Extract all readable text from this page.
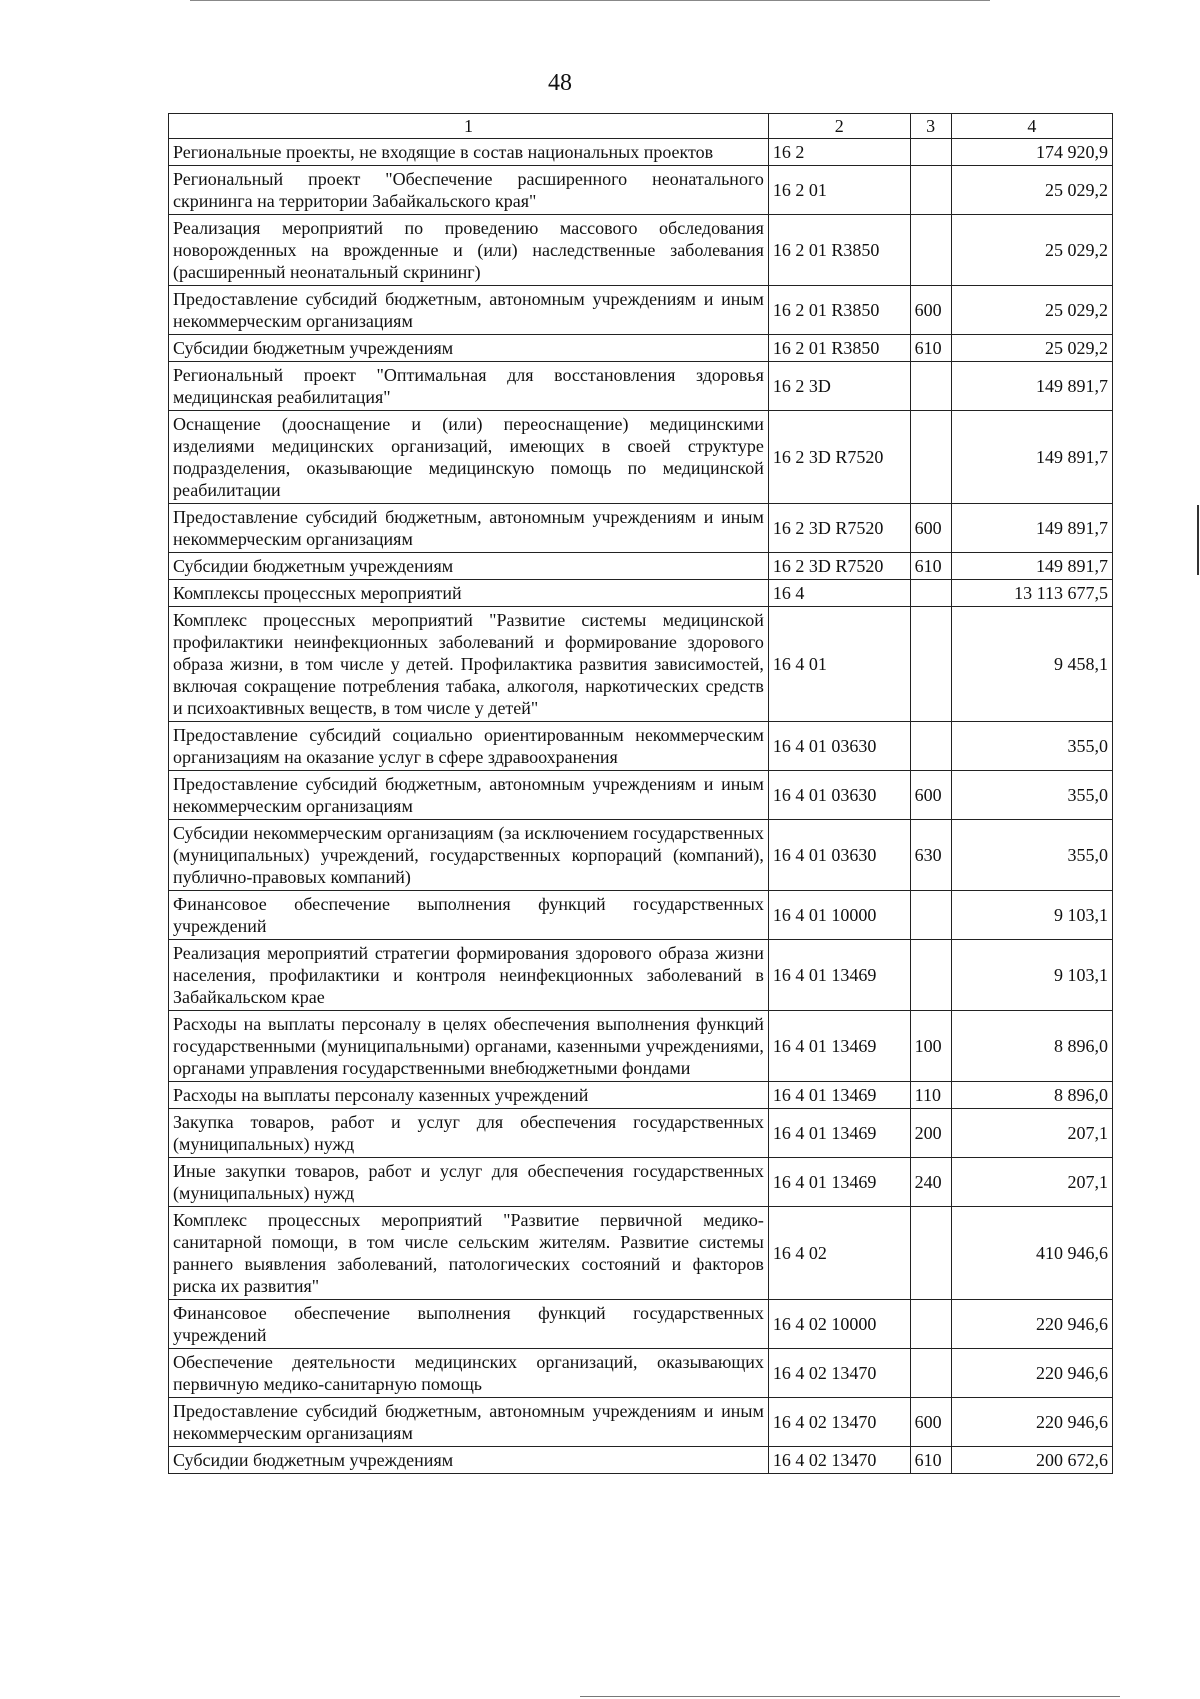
48
1	2	3	4
Региональные проекты, не входящие в состав национальных проектов	16 2		174 920,9
Региональный проект "Обеспечение расширенного неонатального скрининга на территории Забайкальского края"	16 2 01		25 029,2
Реализация мероприятий по проведению массового обследования новорожденных на врожденные и (или) наследственные заболевания (расширенный неонатальный скрининг)	16 2 01 R3850		25 029,2
Предоставление субсидий бюджетным, автономным учреждениям и иным некоммерческим организациям	16 2 01 R3850	600	25 029,2
Субсидии бюджетным учреждениям	16 2 01 R3850	610	25 029,2
Региональный проект "Оптимальная для восстановления здоровья медицинская реабилитация"	16 2 3D		149 891,7
Оснащение (дооснащение и (или) переоснащение) медицинскими изделиями медицинских организаций, имеющих в своей структуре подразделения, оказывающие медицинскую помощь по медицинской реабилитации	16 2 3D R7520		149 891,7
Предоставление субсидий бюджетным, автономным учреждениям и иным некоммерческим организациям	16 2 3D R7520	600	149 891,7
Субсидии бюджетным учреждениям	16 2 3D R7520	610	149 891,7
Комплексы процессных мероприятий	16 4		13 113 677,5
Комплекс процессных мероприятий "Развитие системы медицинской профилактики неинфекционных заболеваний и формирование здорового образа жизни, в том числе у детей. Профилактика развития зависимостей, включая сокращение потребления табака, алкоголя, наркотических средств и психоактивных веществ, в том числе у детей"	16 4 01		9 458,1
Предоставление субсидий социально ориентированным некоммерческим организациям на оказание услуг в сфере здравоохранения	16 4 01 03630		355,0
Предоставление субсидий бюджетным, автономным учреждениям и иным некоммерческим организациям	16 4 01 03630	600	355,0
Субсидии некоммерческим организациям (за исключением государственных (муниципальных) учреждений, государственных корпораций (компаний), публично-правовых компаний)	16 4 01 03630	630	355,0
Финансовое обеспечение выполнения функций государственных учреждений	16 4 01 10000		9 103,1
Реализация мероприятий стратегии формирования здорового образа жизни населения, профилактики и контроля неинфекционных заболеваний в Забайкальском крае	16 4 01 13469		9 103,1
Расходы на выплаты персоналу в целях обеспечения выполнения функций государственными (муниципальными) органами, казенными учреждениями, органами управления государственными внебюджетными фондами	16 4 01 13469	100	8 896,0
Расходы на выплаты персоналу казенных учреждений	16 4 01 13469	110	8 896,0
Закупка товаров, работ и услуг для обеспечения государственных (муниципальных) нужд	16 4 01 13469	200	207,1
Иные закупки товаров, работ и услуг для обеспечения государственных (муниципальных) нужд	16 4 01 13469	240	207,1
Комплекс процессных мероприятий "Развитие первичной медико-санитарной помощи, в том числе сельским жителям. Развитие системы раннего выявления заболеваний, патологических состояний и факторов риска их развития"	16 4 02		410 946,6
Финансовое обеспечение выполнения функций государственных учреждений	16 4 02 10000		220 946,6
Обеспечение деятельности медицинских организаций, оказывающих первичную медико-санитарную помощь	16 4 02 13470		220 946,6
Предоставление субсидий бюджетным, автономным учреждениям и иным некоммерческим организациям	16 4 02 13470	600	220 946,6
Субсидии бюджетным учреждениям	16 4 02 13470	610	200 672,6
